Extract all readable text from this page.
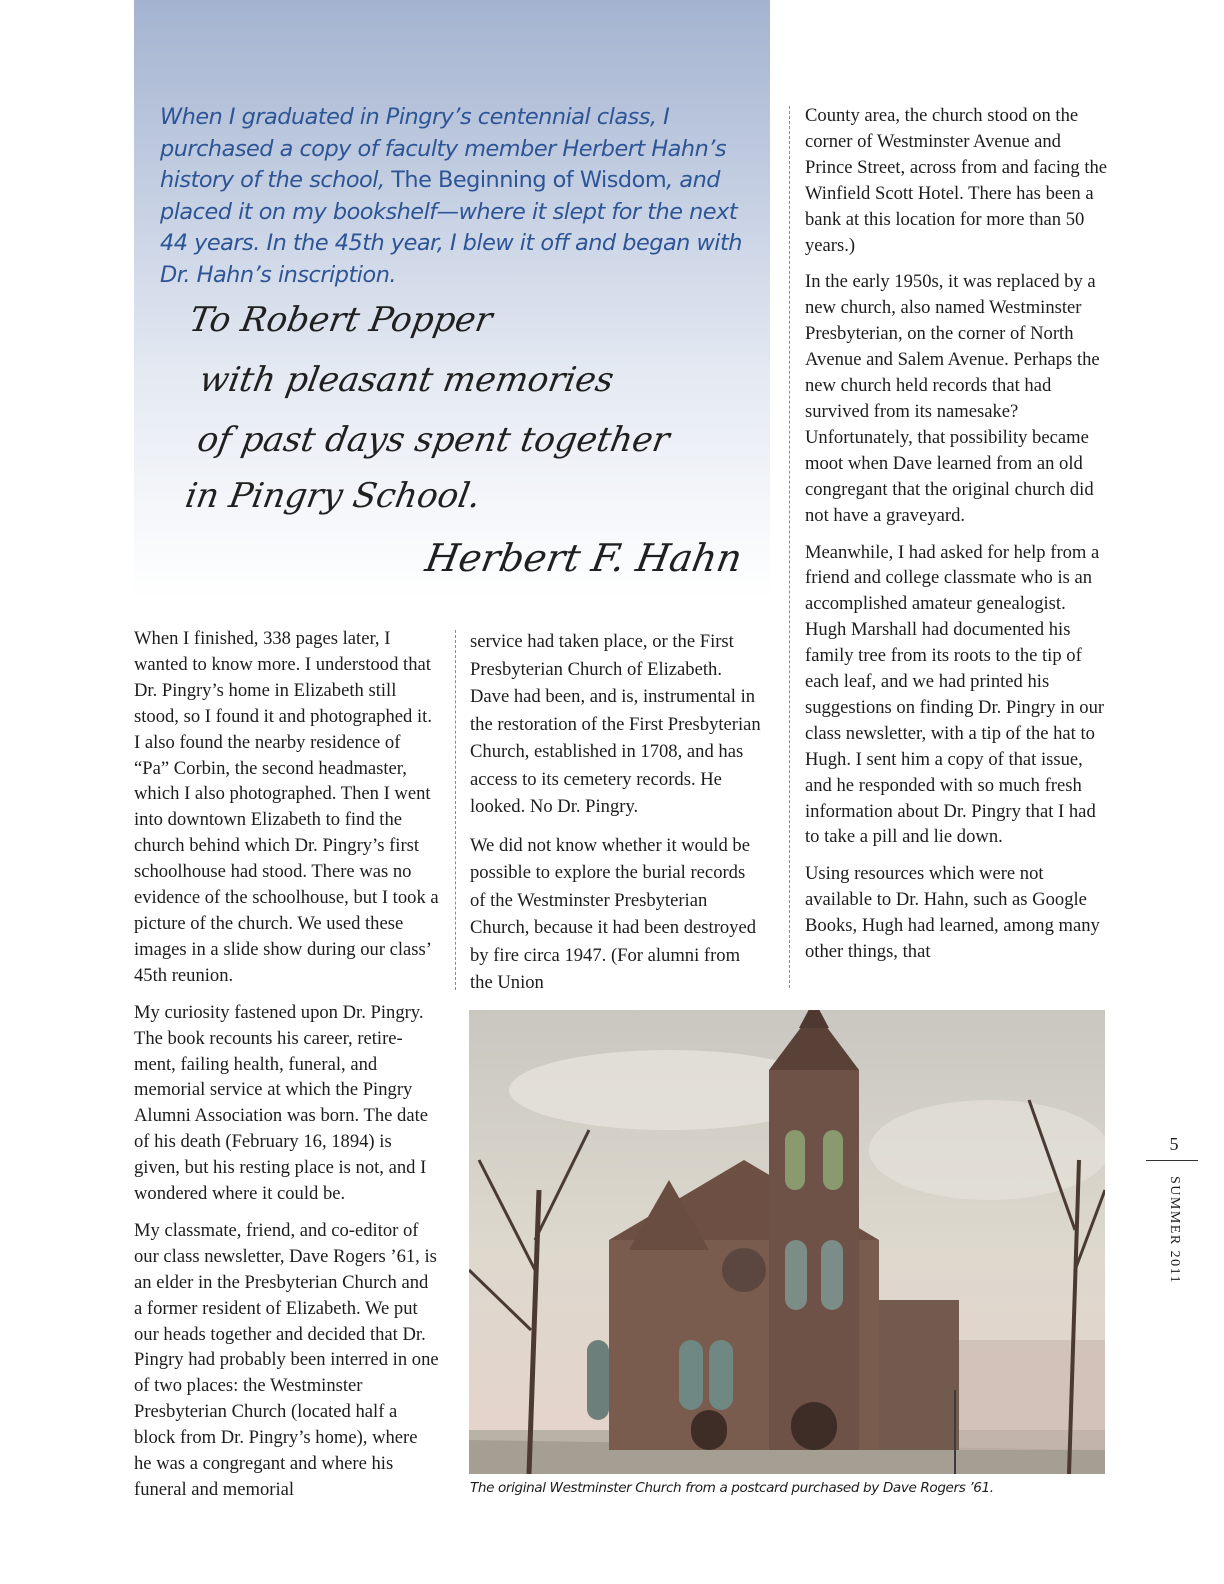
When I graduated in Pingry’s centennial class, I purchased a copy of faculty member Herbert Hahn’s history of the school, The Beginning of Wisdom, and placed it on my bookshelf—where it slept for the next 44 years. In the 45th year, I blew it off and began with Dr. Hahn’s inscription.

To Robert Popper
with pleasant memories
of past days spent together
in Pingry School.
Herbert F. Hahn

When I finished, 338 pages later, I wanted to know more. I understood that Dr. Pingry’s home in Elizabeth still stood, so I found it and photographed it. I also found the nearby residence of “Pa” Corbin, the second headmaster, which I also photographed. Then I went into downtown Elizabeth to find the church behind which Dr. Pingry’s first schoolhouse had stood. There was no evidence of the schoolhouse, but I took a picture of the church. We used these images in a slide show during our class’ 45th reunion.

My curiosity fastened upon Dr. Pingry. The book recounts his career, retire-ment, failing health, funeral, and memorial service at which the Pingry Alumni Association was born. The date of his death (February 16, 1894) is given, but his resting place is not, and I wondered where it could be.

My classmate, friend, and co-editor of our class newsletter, Dave Rogers ’61, is an elder in the Presbyterian Church and a former resident of Elizabeth. We put our heads together and decided that Dr. Pingry had probably been interred in one of two places: the Westminster Presbyterian Church (located half a block from Dr. Pingry’s home), where he was a congregant and where his funeral and memorial

service had taken place, or the First Presbyterian Church of Elizabeth. Dave had been, and is, instrumental in the restoration of the First Presbyterian Church, established in 1708, and has access to its cemetery records. He looked. No Dr. Pingry.

We did not know whether it would be possible to explore the burial records of the Westminster Presbyterian Church, because it had been destroyed by fire circa 1947. (For alumni from the Union

County area, the church stood on the corner of Westminster Avenue and Prince Street, across from and facing the Winfield Scott Hotel. There has been a bank at this location for more than 50 years.)

In the early 1950s, it was replaced by a new church, also named Westminster Presbyterian, on the corner of North Avenue and Salem Avenue. Perhaps the new church held records that had survived from its namesake? Unfortunately, that possibility became moot when Dave learned from an old congregant that the original church did not have a graveyard.

Meanwhile, I had asked for help from a friend and college classmate who is an accomplished amateur genealogist. Hugh Marshall had documented his family tree from its roots to the tip of each leaf, and we had printed his suggestions on finding Dr. Pingry in our class newsletter, with a tip of the hat to Hugh. I sent him a copy of that issue, and he responded with so much fresh information about Dr. Pingry that I had to take a pill and lie down.

Using resources which were not available to Dr. Hahn, such as Google Books, Hugh had learned, among many other things, that

The original Westminster Church from a postcard purchased by Dave Rogers ’61.

5
SUMMER 2011
